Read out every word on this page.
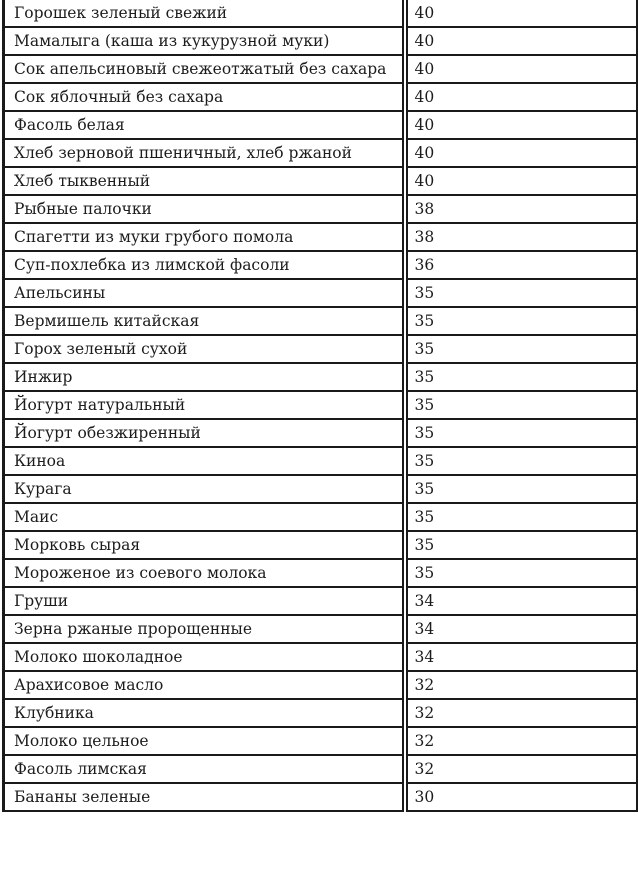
Горошек зеленый свежий	40
Мамалыга (каша из кукурузной муки)	40
Сок апельсиновый свежеотжатый без сахара	40
Сок яблочный без сахара	40
Фасоль белая	40
Хлеб зерновой пшеничный, хлеб ржаной	40
Хлеб тыквенный	40
Рыбные палочки	38
Спагетти из муки грубого помола	38
Суп-похлебка из лимской фасоли	36
Апельсины	35
Вермишель китайская	35
Горох зеленый сухой	35
Инжир	35
Йогурт натуральный	35
Йогурт обезжиренный	35
Киноа	35
Курага	35
Маис	35
Морковь сырая	35
Мороженое из соевого молока	35
Груши	34
Зерна ржаные пророщенные	34
Молоко шоколадное	34
Арахисовое масло	32
Клубника	32
Молоко цельное	32
Фасоль лимская	32
Бананы зеленые	30
